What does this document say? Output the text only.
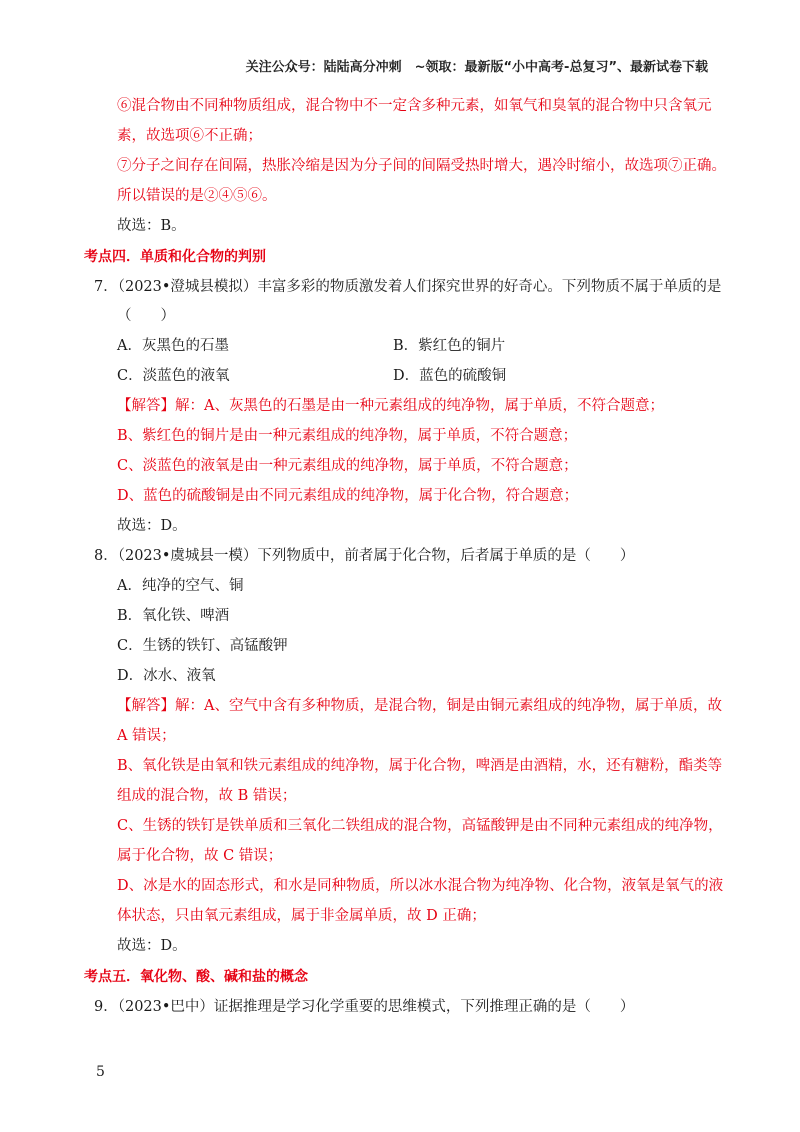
关注公众号：陆陆高分冲刺　~领取：最新版“小中高考-总复习”、最新试卷下载
⑥混合物由不同种物质组成，混合物中不一定含多种元素，如氧气和臭氧的混合物中只含氧元
素，故选项⑥不正确；
⑦分子之间存在间隔，热胀冷缩是因为分子间的间隔受热时增大，遇冷时缩小，故选项⑦正确。
所以错误的是②④⑤⑥。
故选：B。
考点四．单质和化合物的判别
7．（2023•澄城县模拟）丰富多彩的物质激发着人们探究世界的好奇心。下列物质不属于单质的是
（　　）
A．灰黑色的石墨	B．紫红色的铜片
C．淡蓝色的液氧	D．蓝色的硫酸铜
【解答】解：A、灰黑色的石墨是由一种元素组成的纯净物，属于单质，不符合题意；
B、紫红色的铜片是由一种元素组成的纯净物，属于单质，不符合题意；
C、淡蓝色的液氧是由一种元素组成的纯净物，属于单质，不符合题意；
D、蓝色的硫酸铜是由不同元素组成的纯净物，属于化合物，符合题意；
故选：D。
8．（2023•虞城县一模）下列物质中，前者属于化合物，后者属于单质的是（　　）
A．纯净的空气、铜
B．氧化铁、啤酒
C．生锈的铁钉、高锰酸钾
D．冰水、液氧
【解答】解：A、空气中含有多种物质，是混合物，铜是由铜元素组成的纯净物，属于单质，故
A 错误；
B、氧化铁是由氧和铁元素组成的纯净物，属于化合物，啤酒是由酒精，水，还有糖粉，酯类等
组成的混合物，故 B 错误；
C、生锈的铁钉是铁单质和三氧化二铁组成的混合物，高锰酸钾是由不同种元素组成的纯净物，
属于化合物，故 C 错误；
D、冰是水的固态形式，和水是同种物质，所以冰水混合物为纯净物、化合物，液氧是氧气的液
体状态，只由氧元素组成，属于非金属单质，故 D 正确；
故选：D。
考点五．氧化物、酸、碱和盐的概念
9．（2023•巴中）证据推理是学习化学重要的思维模式，下列推理正确的是（　　）
5
